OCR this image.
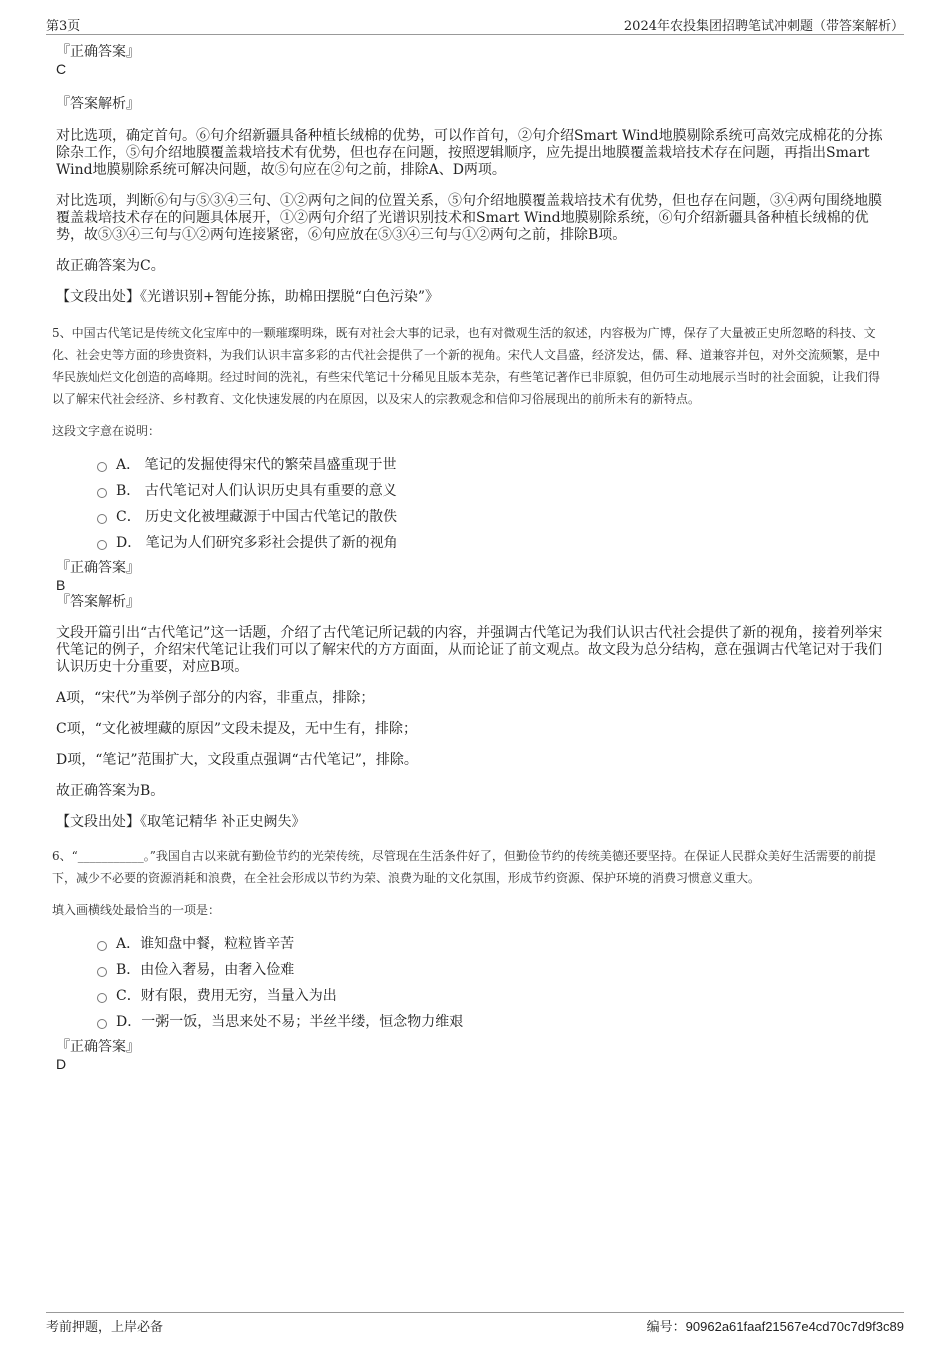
第3页	2024年农投集团招聘笔试冲刺题（带答案解析）

『正确答案』

C

『答案解析』

对比选项，确定首句。⑥句介绍新疆具备种植长绒棉的优势，可以作首句，②句介绍Smart Wind地膜剔除系统可高效完成棉花的分拣除杂工作，⑤句介绍地膜覆盖栽培技术有优势，但也存在问题，按照逻辑顺序，应先提出地膜覆盖栽培技术存在问题，再指出Smart Wind地膜剔除系统可解决问题，故⑤句应在②句之前，排除A、D两项。

对比选项，判断⑥句与⑤③④三句、①②两句之间的位置关系，⑤句介绍地膜覆盖栽培技术有优势，但也存在问题，③④两句围绕地膜覆盖栽培技术存在的问题具体展开，①②两句介绍了光谱识别技术和Smart Wind地膜剔除系统，⑥句介绍新疆具备种植长绒棉的优势，故⑤③④三句与①②两句连接紧密，⑥句应放在⑤③④三句与①②两句之前，排除B项。

故正确答案为C。

【文段出处】《光谱识别+智能分拣，助棉田摆脱“白色污染”》

5、中国古代笔记是传统文化宝库中的一颗璀璨明珠，既有对社会大事的记录，也有对微观生活的叙述，内容极为广博，保存了大量被正史所忽略的科技、文化、社会史等方面的珍贵资料，为我们认识丰富多彩的古代社会提供了一个新的视角。宋代人文昌盛，经济发达，儒、释、道兼容并包，对外交流频繁，是中华民族灿烂文化创造的高峰期。经过时间的洗礼，有些宋代笔记十分稀见且版本芜杂，有些笔记著作已非原貌，但仍可生动地展示当时的社会面貌，让我们得以了解宋代社会经济、乡村教育、文化快速发展的内在原因，以及宋人的宗教观念和信仰习俗展现出的前所未有的新特点。

这段文字意在说明：

A． 笔记的发掘使得宋代的繁荣昌盛重现于世
B． 古代笔记对人们认识历史具有重要的意义
C． 历史文化被埋藏源于中国古代笔记的散佚
D． 笔记为人们研究多彩社会提供了新的视角

『正确答案』

B

『答案解析』

文段开篇引出“古代笔记”这一话题，介绍了古代笔记所记载的内容，并强调古代笔记为我们认识古代社会提供了新的视角，接着列举宋代笔记的例子，介绍宋代笔记让我们可以了解宋代的方方面面，从而论证了前文观点。故文段为总分结构，意在强调古代笔记对于我们认识历史十分重要，对应B项。

A项，“宋代”为举例子部分的内容，非重点，排除；

C项，“文化被埋藏的原因”文段未提及，无中生有，排除；

D项，“笔记”范围扩大，文段重点强调“古代笔记”，排除。

故正确答案为B。

【文段出处】《取笔记精华 补正史阙失》

6、“___________。”我国自古以来就有勤俭节约的光荣传统，尽管现在生活条件好了，但勤俭节约的传统美德还要坚持。在保证人民群众美好生活需要的前提下，减少不必要的资源消耗和浪费，在全社会形成以节约为荣、浪费为耻的文化氛围，形成节约资源、保护环境的消费习惯意义重大。

填入画横线处最恰当的一项是：

A．谁知盘中餐，粒粒皆辛苦
B．由俭入奢易，由奢入俭难
C．财有限，费用无穷，当量入为出
D．一粥一饭，当思来处不易；半丝半缕，恒念物力维艰

『正确答案』

D

考前押题，上岸必备	编号：90962a61faaf21567e4cd70c7d9f3c89
